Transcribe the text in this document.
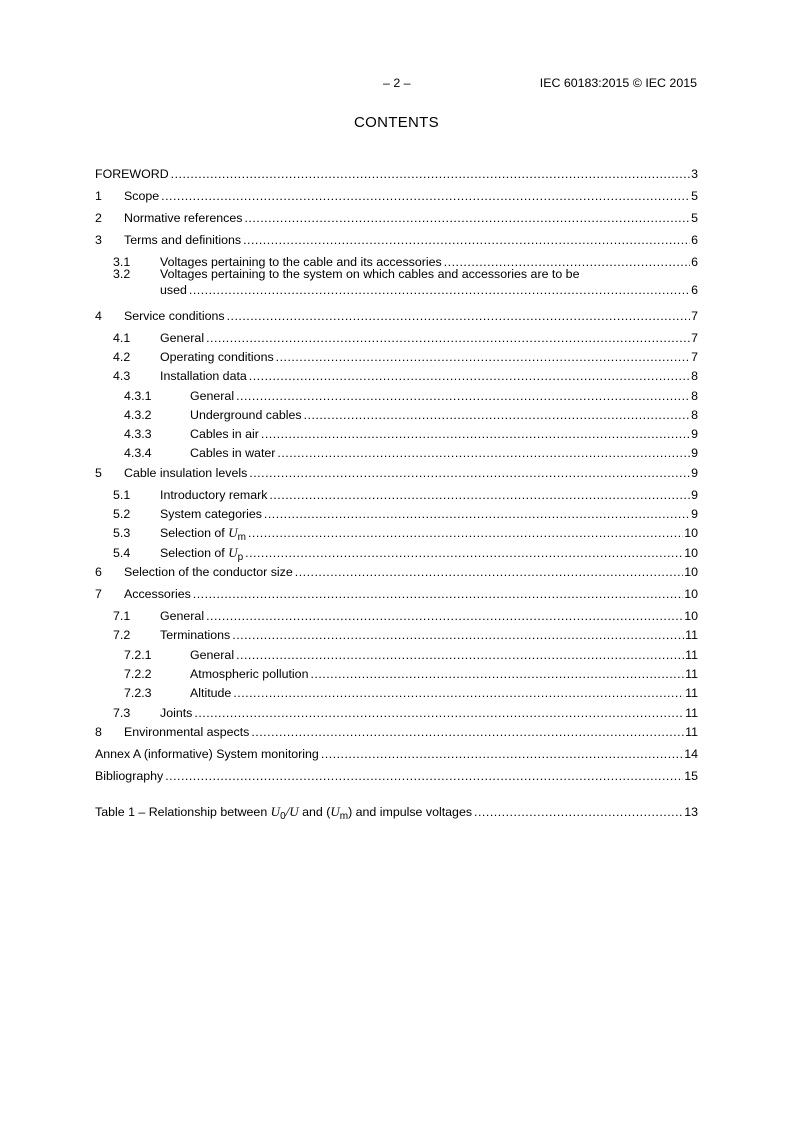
– 2 –	IEC 60183:2015 © IEC 2015
CONTENTS
FOREWORD .....	3
1 Scope .....	5
2 Normative references .....	5
3 Terms and definitions .....	6
3.1 Voltages pertaining to the cable and its accessories .....	6
3.2 Voltages pertaining to the system on which cables and accessories are to be
used .....	6
4 Service conditions .....	7
4.1 General .....	7
4.2 Operating conditions .....	7
4.3 Installation data .....	8
4.3.1	General .....	8
4.3.2	Underground cables .....	8
4.3.3	Cables in air .....	9
4.3.4	Cables in water .....	9
5 Cable insulation levels .....	9
5.1 Introductory remark .....	9
5.2 System categories .....	9
5.3 Selection of $U_m$ .....	10
5.4 Selection of $U_p$ .....	10
6 Selection of the conductor size .....	10
7 Accessories .....	10
7.1 General .....	10
7.2 Terminations .....	11
7.2.1	General .....	11
7.2.2	Atmospheric pollution .....	11
7.2.3	Altitude .....	11
7.3 Joints .....	11
8 Environmental aspects .....	11
Annex A (informative) System monitoring .....	14
Bibliography .....	15
Table 1 – Relationship between $U_0/U$ and $(U_m)$ and impulse voltages .....	13
